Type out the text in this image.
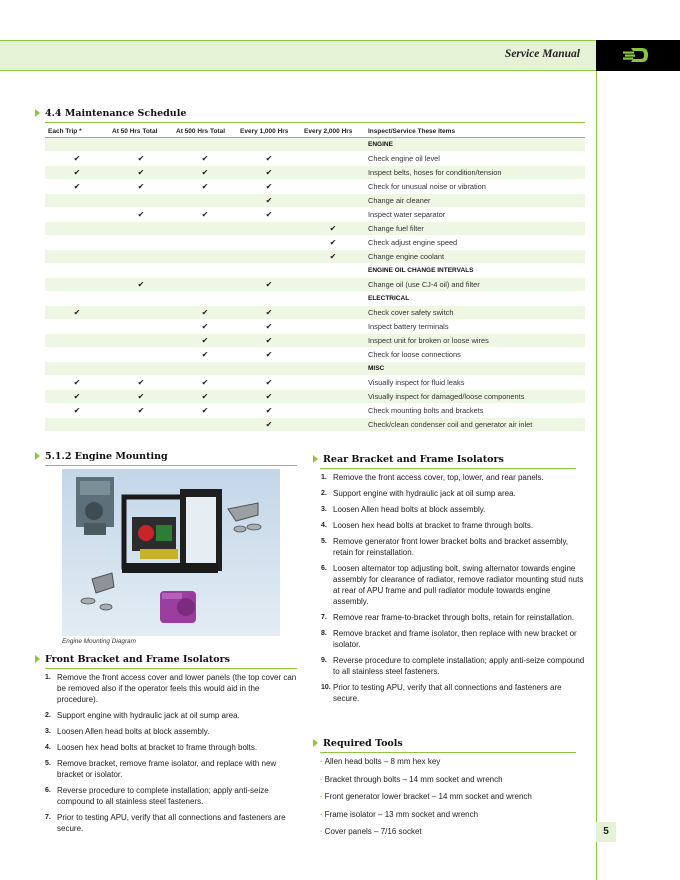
Service Manual
5
4.4 Maintenance Schedule
Each Trip *	At 50 Hrs Total	At 500 Hrs Total	Every 1,000 Hrs	Every 2,000 Hrs	Inspect/Service These Items
					ENGINE
✔	✔	✔	✔		Check engine oil level
✔	✔	✔	✔		Inspect belts, hoses for condition/tension
✔	✔	✔	✔		Check for unusual noise or vibration
			✔		Change air cleaner
	✔	✔	✔		Inspect water separator
				✔	Change fuel filter
				✔	Check adjust engine speed
				✔	Change engine coolant
					ENGINE OIL CHANGE INTERVALS
	✔		✔		Change oil (use CJ-4 oil) and filter
					ELECTRICAL
✔		✔	✔		Check cover safety switch
		✔	✔		Inspect battery terminals
		✔	✔		Inspect unit for broken or loose wires
		✔	✔		Check for loose connections
					MISC
✔	✔	✔	✔		Visually inspect for fluid leaks
✔	✔	✔	✔		Visually inspect for damaged/loose components
✔	✔	✔	✔		Check mounting bolts and brackets
			✔		Check/clean condenser coil and generator air inlet
5.1.2 Engine Mounting
Engine Mounting Diagram
Front Bracket and Frame Isolators
1. Remove the front access cover and lower panels (the top cover can be removed also if the operator feels this would aid in the procedure).
2. Support engine with hydraulic jack at oil sump area.
3. Loosen Allen head bolts at block assembly.
4. Loosen hex head bolts at bracket to frame through bolts.
5. Remove bracket, remove frame isolator, and replace with new bracket or isolator.
6. Reverse procedure to complete installation; apply anti-seize compound to all stainless steel fasteners.
7. Prior to testing APU, verify that all connections and fasteners are secure.
Rear Bracket and Frame Isolators
1. Remove the front access cover, top, lower, and rear panels.
2. Support engine with hydraulic jack at oil sump area.
3. Loosen Allen head bolts at block assembly.
4. Loosen hex head bolts at bracket to frame through bolts.
5. Remove generator front lower bracket bolts and bracket assembly, retain for reinstallation.
6. Loosen alternator top adjusting bolt, swing alternator towards engine assembly for clearance of radiator, remove radiator mounting stud nuts at rear of APU frame and pull radiator module towards engine assembly.
7. Remove rear frame-to-bracket through bolts, retain for reinstallation.
8. Remove bracket and frame isolator, then replace with new bracket or isolator.
9. Reverse procedure to complete installation; apply anti-seize compound to all stainless steel fasteners.
10. Prior to testing APU, verify that all connections and fasteners are secure.
Required Tools
· Allen head bolts – 8 mm hex key
· Bracket through bolts – 14 mm socket and wrench
· Front generator lower bracket – 14 mm socket and wrench
· Frame isolator – 13 mm socket and wrench
· Cover panels – 7/16 socket
